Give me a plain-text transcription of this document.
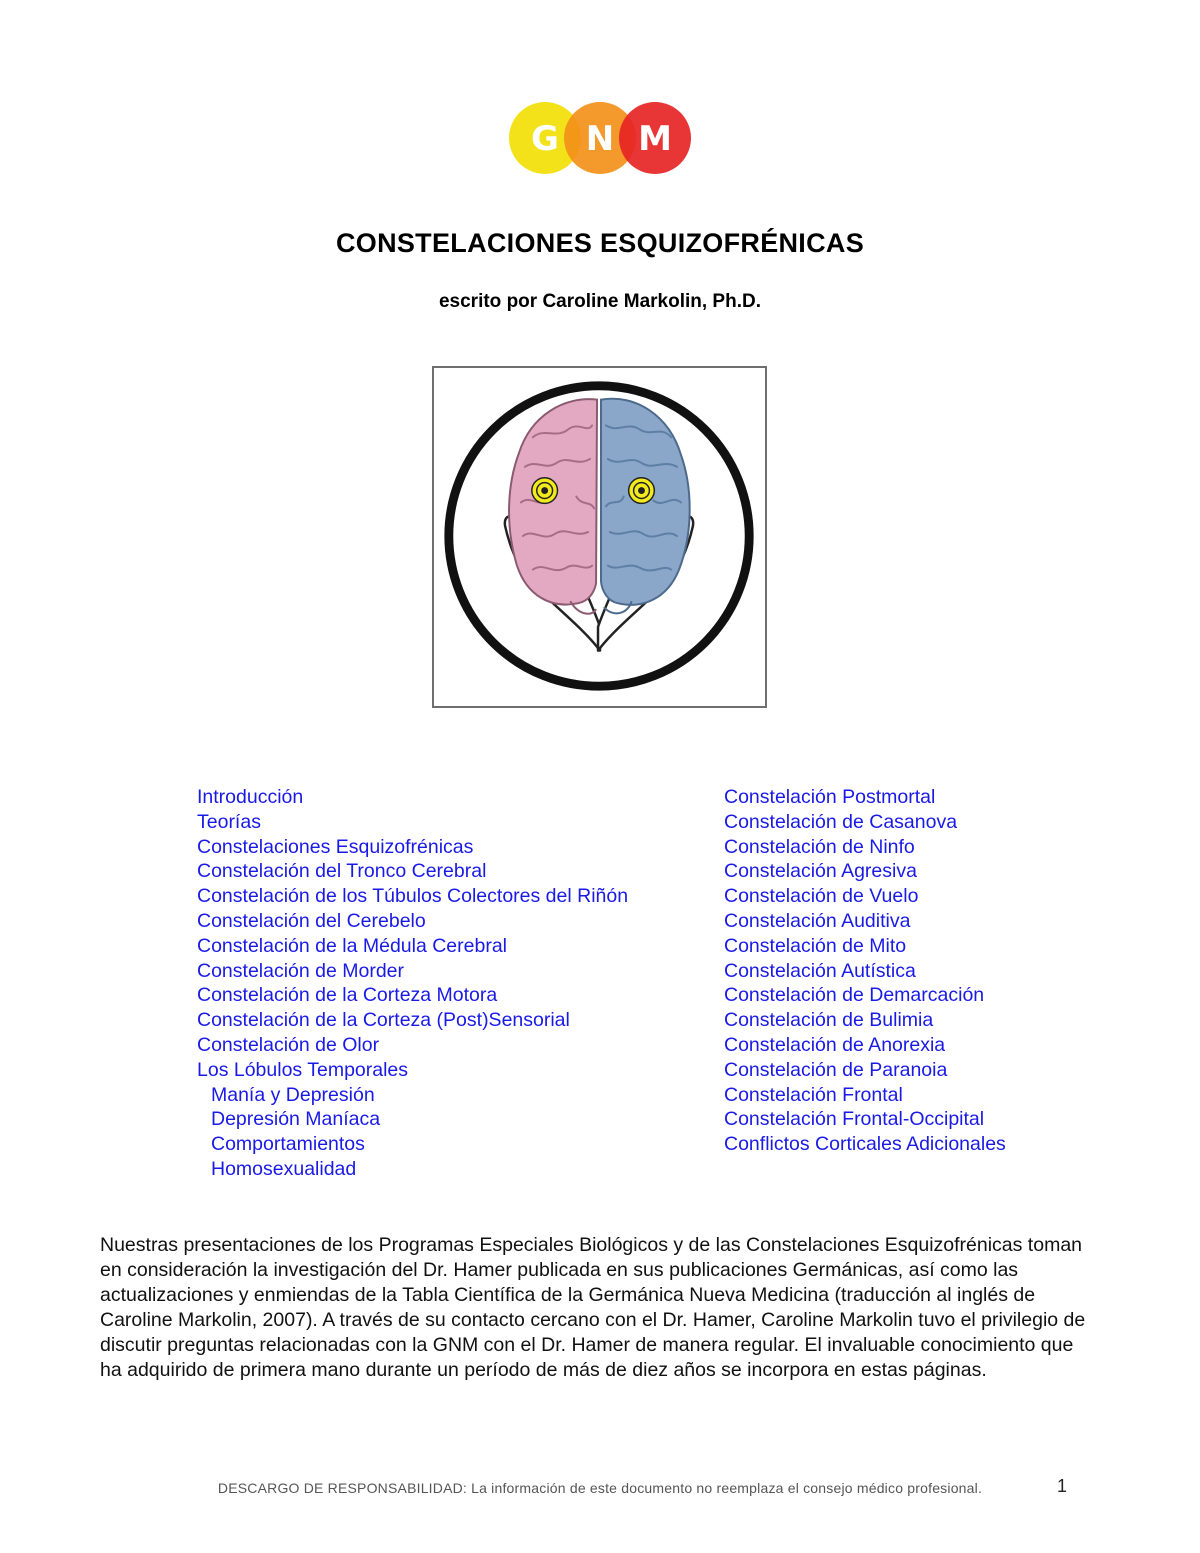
G N M
CONSTELACIONES ESQUIZOFRÉNICAS

escrito por Caroline Markolin, Ph.D.

Introducción
Teorías
Constelaciones Esquizofrénicas
Constelación del Tronco Cerebral
Constelación de los Túbulos Colectores del Riñón
Constelación del Cerebelo
Constelación de la Médula Cerebral
Constelación de Morder
Constelación de la Corteza Motora
Constelación de la Corteza (Post)Sensorial
Constelación de Olor
Los Lóbulos Temporales
Manía y Depresión
Depresión Maníaca
Comportamientos
Homosexualidad
Constelación Postmortal
Constelación de Casanova
Constelación de Ninfo
Constelación Agresiva
Constelación de Vuelo
Constelación Auditiva
Constelación de Mito
Constelación Autística
Constelación de Demarcación
Constelación de Bulimia
Constelación de Anorexia
Constelación de Paranoia
Constelación Frontal
Constelación Frontal-Occipital
Conflictos Corticales Adicionales

Nuestras presentaciones de los Programas Especiales Biológicos y de las Constelaciones Esquizofrénicas toman en consideración la investigación del Dr. Hamer publicada en sus publicaciones Germánicas, así como las actualizaciones y enmiendas de la Tabla Científica de la Germánica Nueva Medicina (traducción al inglés de Caroline Markolin, 2007). A través de su contacto cercano con el Dr. Hamer, Caroline Markolin tuvo el privilegio de discutir preguntas relacionadas con la GNM con el Dr. Hamer de manera regular. El invaluable conocimiento que ha adquirido de primera mano durante un período de más de diez años se incorpora en estas páginas.

DESCARGO DE RESPONSABILIDAD: La información de este documento no reemplaza el consejo médico profesional.	1
